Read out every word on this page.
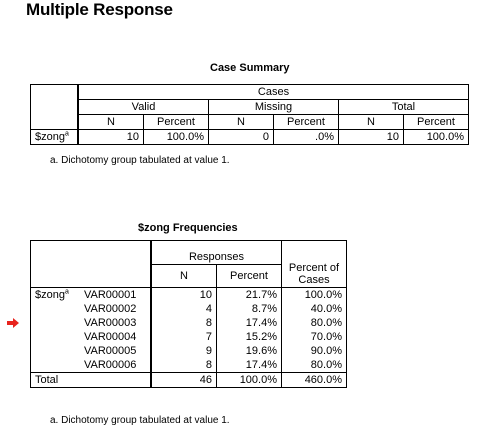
Multiple Response
Case Summary
	Cases					
	Valid		Missing		Total	
	N	Percent	N	Percent	N	Percent
$zong$^a$	10	100.0%	0	.0%	10	100.0%
a. Dichotomy group tabulated at value 1.
$zong Frequencies
		Responses		Percent of
Cases
		N	Percent	
$zong$^a$	VAR00001	10	21.7%	100.0%
	VAR00002	4	8.7%	40.0%
	VAR00003	8	17.4%	80.0%
	VAR00004	7	15.2%	70.0%
	VAR00005	9	19.6%	90.0%
	VAR00006	8	17.4%	80.0%
Total		46	100.0%	460.0%
a. Dichotomy group tabulated at value 1.
